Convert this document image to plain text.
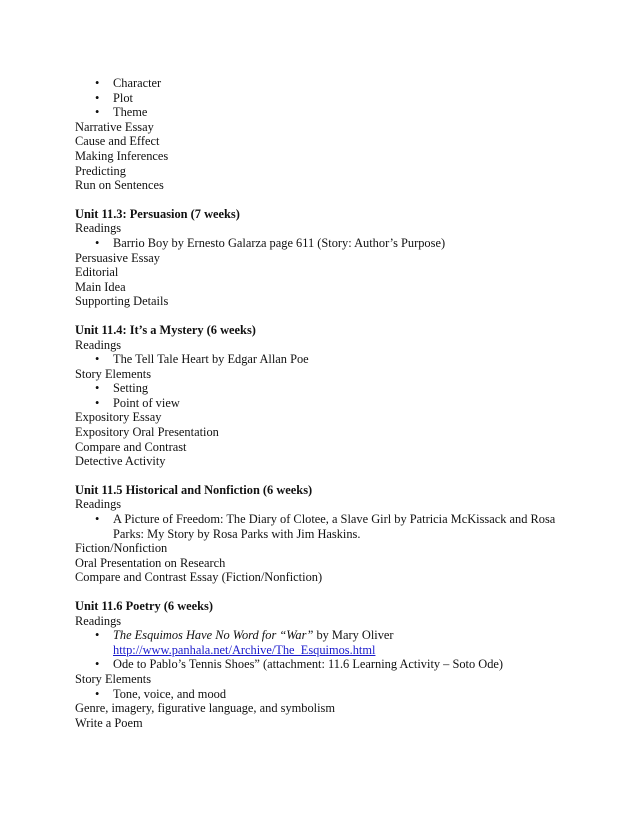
•	Character
•	Plot
•	Theme
Narrative Essay
Cause and Effect
Making Inferences
Predicting
Run on Sentences
Unit 11.3: Persuasion (7 weeks)
Readings
•	Barrio Boy by Ernesto Galarza page 611 (Story: Author’s Purpose)
Persuasive Essay
Editorial
Main Idea
Supporting Details
Unit 11.4: It’s a Mystery (6 weeks)
Readings
•	The Tell Tale Heart by Edgar Allan Poe
Story Elements
•	Setting
•	Point of view
Expository Essay
Expository Oral Presentation
Compare and Contrast
Detective Activity
Unit 11.5 Historical and Nonfiction (6 weeks)
Readings
•	A Picture of Freedom: The Diary of Clotee, a Slave Girl by Patricia McKissack and Rosa
Parks: My Story by Rosa Parks with Jim Haskins.
Fiction/Nonfiction
Oral Presentation on Research
Compare and Contrast Essay (Fiction/Nonfiction)
Unit 11.6 Poetry (6 weeks)
Readings
•	The Esquimos Have No Word for “War” by Mary Oliver
http://www.panhala.net/Archive/The_Esquimos.html
•	Ode to Pablo’s Tennis Shoes” (attachment: 11.6 Learning Activity – Soto Ode)
Story Elements
•	Tone, voice, and mood
Genre, imagery, figurative language, and symbolism
Write a Poem
